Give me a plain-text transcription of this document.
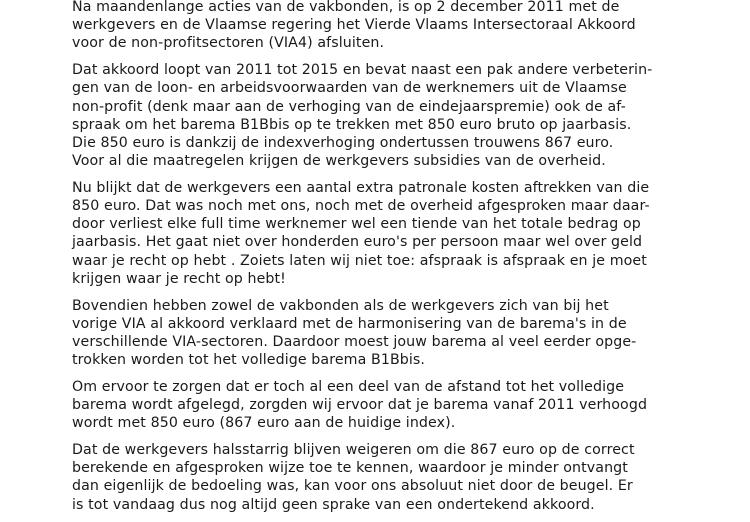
Na maandenlange acties van de vakbonden, is op 2 december 2011 met de
werkgevers en de Vlaamse regering het Vierde Vlaams Intersectoraal Akkoord
voor de non-profitsectoren (VIA4) afsluiten.

Dat akkoord loopt van 2011 tot 2015 en bevat naast een pak andere verbeterin-
gen van de loon- en arbeidsvoorwaarden van de werknemers uit de Vlaamse
non-profit (denk maar aan de verhoging van de eindejaarspremie) ook de af-
spraak om het barema B1Bbis op te trekken met 850 euro bruto op jaarbasis.
Die 850 euro is dankzij de indexverhoging ondertussen trouwens 867 euro.
Voor al die maatregelen krijgen de werkgevers subsidies van de overheid.

Nu blijkt dat de werkgevers een aantal extra patronale kosten aftrekken van die
850 euro. Dat was noch met ons, noch met de overheid afgesproken maar daar-
door verliest elke full time werknemer wel een tiende van het totale bedrag op
jaarbasis. Het gaat niet over honderden euro's per persoon maar wel over geld
waar je recht op hebt . Zoiets laten wij niet toe: afspraak is afspraak en je moet
krijgen waar je recht op hebt!

Bovendien hebben zowel de vakbonden als de werkgevers zich van bij het
vorige VIA al akkoord verklaard met de harmonisering van de barema's in de
verschillende VIA-sectoren. Daardoor moest jouw barema al veel eerder opge-
trokken worden tot het volledige barema B1Bbis.

Om ervoor te zorgen dat er toch al een deel van de afstand tot het volledige
barema wordt afgelegd, zorgden wij ervoor dat je barema vanaf 2011 verhoogd
wordt met 850 euro (867 euro aan de huidige index).

Dat de werkgevers halsstarrig blijven weigeren om die 867 euro op de correct
berekende en afgesproken wijze toe te kennen, waardoor je minder ontvangt
dan eigenlijk de bedoeling was, kan voor ons absoluut niet door de beugel. Er
is tot vandaag dus nog altijd geen sprake van een ondertekend akkoord.
